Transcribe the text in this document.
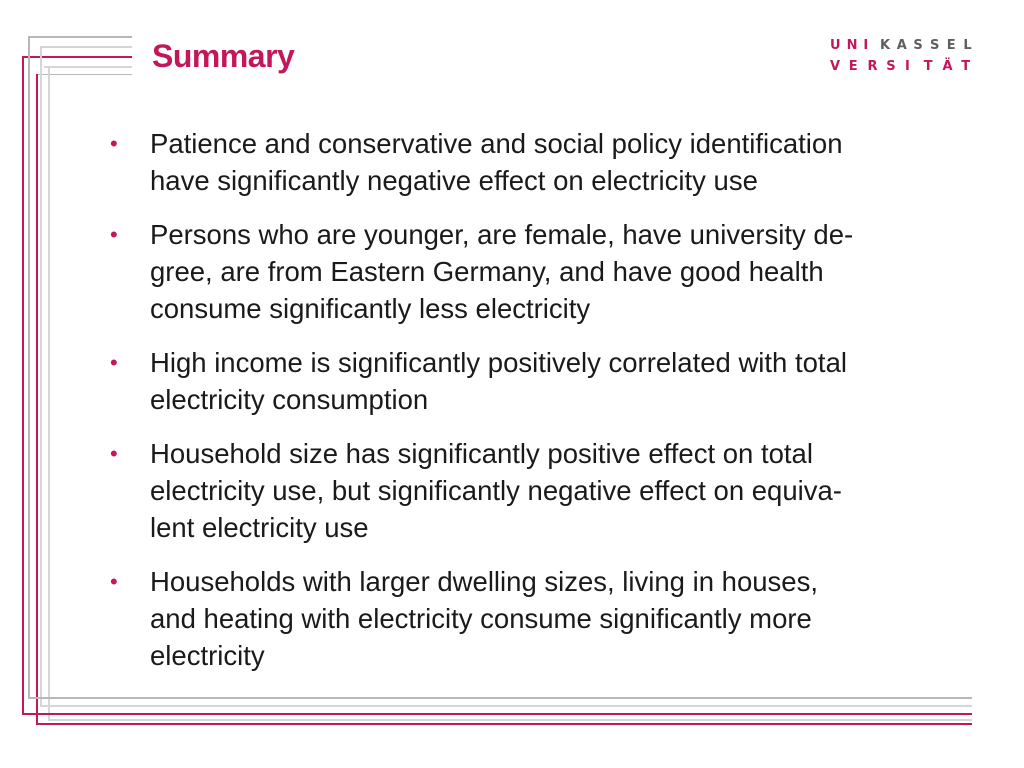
Summary	U N I K A S S E L
V E R S I	T Ä T
• Patience and conservative and social policy identification
have significantly negative effect on electricity use
• Persons who are younger, are female, have university de-
gree, are from Eastern Germany, and have good health
consume significantly less electricity
• High income is significantly positively correlated with total
electricity consumption
• Household size has significantly positive effect on total
electricity use, but significantly negative effect on equiva-
lent electricity use
• Households with larger dwelling sizes, living in houses,
and heating with electricity consume significantly more
electricity
